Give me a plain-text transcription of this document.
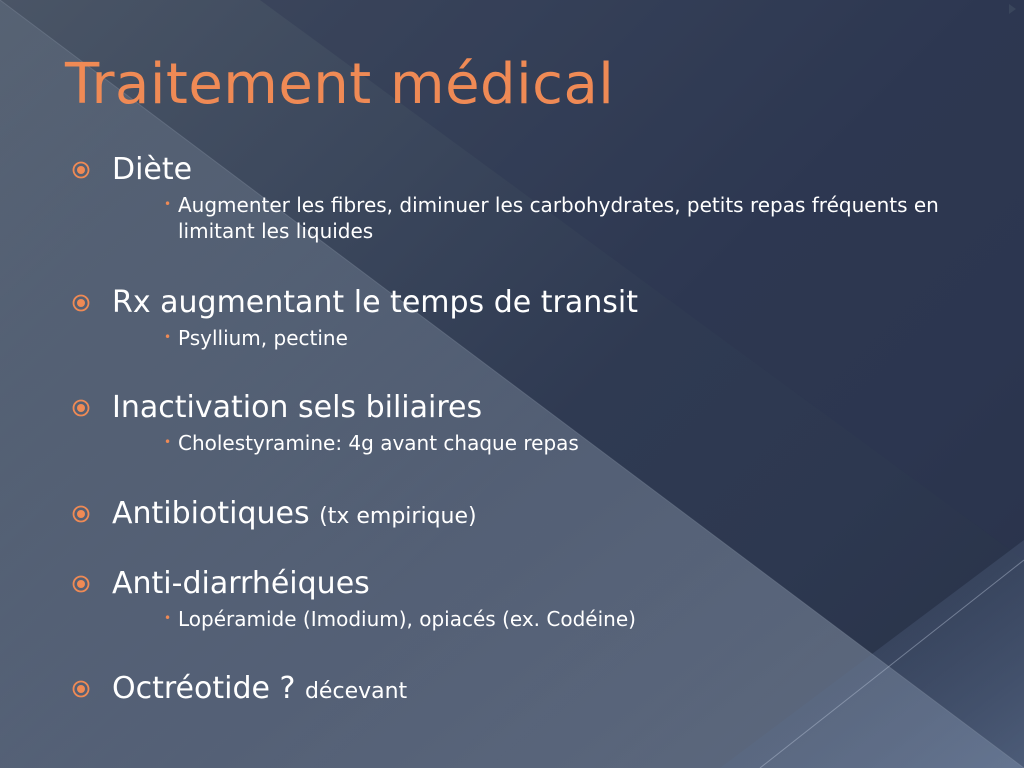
Traitement médical
Diète
• Augmenter les fibres, diminuer les carbohydrates, petits repas fréquents en limitant les liquides
Rx augmentant le temps de transit
• Psyllium, pectine
Inactivation sels biliaires
• Cholestyramine: 4g avant chaque repas
Antibiotiques (tx empirique)
Anti-diarrhéiques
• Lopéramide (Imodium), opiacés (ex. Codéine)
Octréotide ? décevant
